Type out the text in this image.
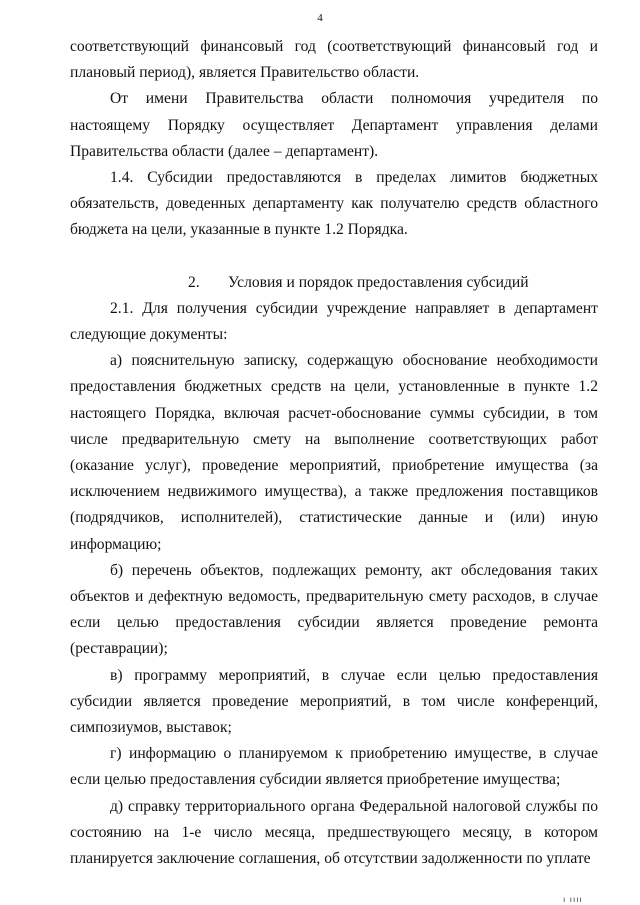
4

соответствующий финансовый год (соответствующий финансовый год и плановый период), является Правительство области.

От имени Правительства области полномочия учредителя по настоящему Порядку осуществляет Департамент управления делами Правительства области (далее – департамент).

1.4. Субсидии предоставляются в пределах лимитов бюджетных обязательств, доведенных департаменту как получателю средств областного бюджета на цели, указанные в пункте 1.2 Порядка.

2. Условия и порядок предоставления субсидий

2.1. Для получения субсидии учреждение направляет в департамент следующие документы:

а) пояснительную записку, содержащую обоснование необходимости предоставления бюджетных средств на цели, установленные в пункте 1.2 настоящего Порядка, включая расчет-обоснование суммы субсидии, в том числе предварительную смету на выполнение соответствующих работ (оказание услуг), проведение мероприятий, приобретение имущества (за исключением недвижимого имущества), а также предложения поставщиков (подрядчиков, исполнителей), статистические данные и (или) иную информацию;

б) перечень объектов, подлежащих ремонту, акт обследования таких объектов и дефектную ведомость, предварительную смету расходов, в случае если целью предоставления субсидии является проведение ремонта (реставрации);

в) программу мероприятий, в случае если целью предоставления субсидии является проведение мероприятий, в том числе конференций, симпозиумов, выставок;

г) информацию о планируемом к приобретению имуществе, в случае если целью предоставления субсидии является приобретение имущества;

д) справку территориального органа Федеральной налоговой службы по состоянию на 1-е число месяца, предшествующего месяцу, в котором планируется заключение соглашения, об отсутствии задолженности по уплате

ı ıııı
